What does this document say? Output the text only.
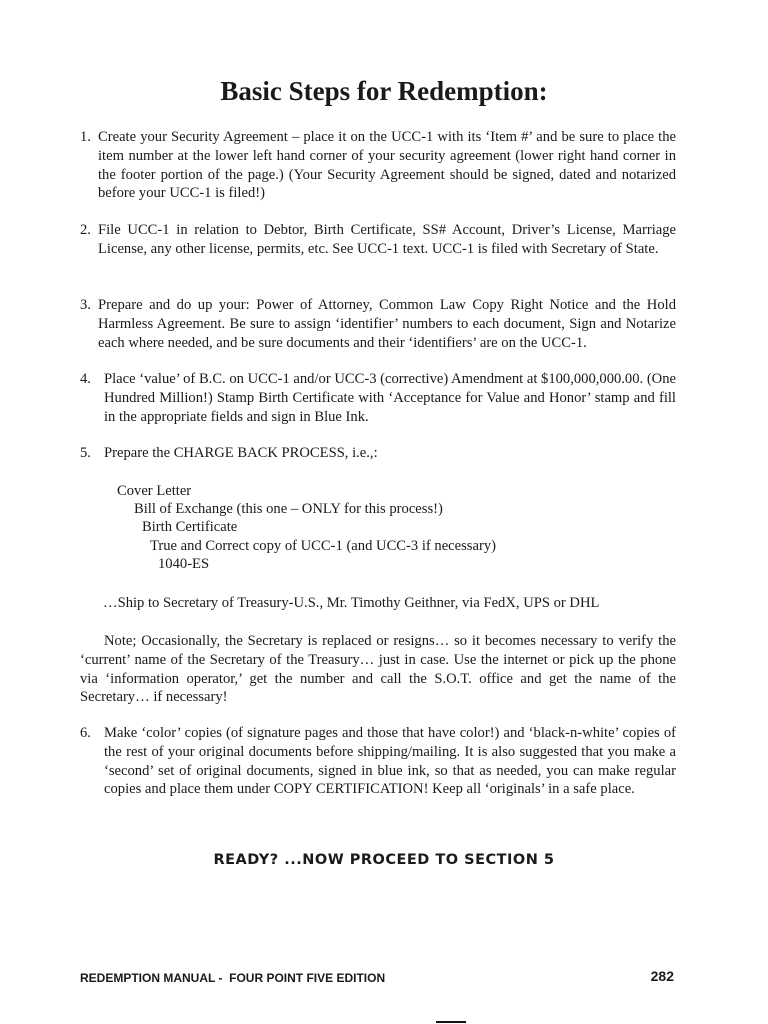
Basic Steps for Redemption:

1. Create your Security Agreement – place it on the UCC-1 with its ‘Item #’ and be sure to place the item number at the lower left hand corner of your security agreement (lower right hand corner in the footer portion of the page.) (Your Security Agreement should be signed, dated and notarized before your UCC-1 is filed!)

2. File UCC-1 in relation to Debtor, Birth Certificate, SS# Account, Driver’s License, Marriage License, any other license, permits, etc. See UCC-1 text. UCC-1 is filed with Secretary of State.

3. Prepare and do up your: Power of Attorney, Common Law Copy Right Notice and the Hold Harmless Agreement. Be sure to assign ‘identifier’ numbers to each document, Sign and Notarize each where needed, and be sure documents and their ‘identifiers’ are on the UCC-1.

4. Place ‘value’ of B.C. on UCC-1 and/or UCC-3 (corrective) Amendment at $100,000,000.00. (One Hundred Million!) Stamp Birth Certificate with ‘Acceptance for Value and Honor’ stamp and fill in the appropriate fields and sign in Blue Ink.

5. Prepare the CHARGE BACK PROCESS, i.e.,:

Cover Letter

Bill of Exchange (this one – ONLY for this process!)

Birth Certificate

True and Correct copy of UCC-1 (and UCC-3 if necessary)

1040-ES

…Ship to Secretary of Treasury-U.S., Mr. Timothy Geithner, via FedX, UPS or DHL

Note; Occasionally, the Secretary is replaced or resigns… so it becomes necessary to verify the ‘current’ name of the Secretary of the Treasury… just in case. Use the internet or pick up the phone via ‘information operator,’ get the number and call the S.O.T. office and get the name of the Secretary… if necessary!

6. Make ‘color’ copies (of signature pages and those that have color!) and ‘black-n-white’ copies of the rest of your original documents before shipping/mailing. It is also suggested that you make a ‘second’ set of original documents, signed in blue ink, so that as needed, you can make regular copies and place them under COPY CERTIFICATION! Keep all ‘originals’ in a safe place.

READY? ...NOW PROCEED TO SECTION 5

REDEMPTION MANUAL -  FOUR POINT FIVE EDITION	282
